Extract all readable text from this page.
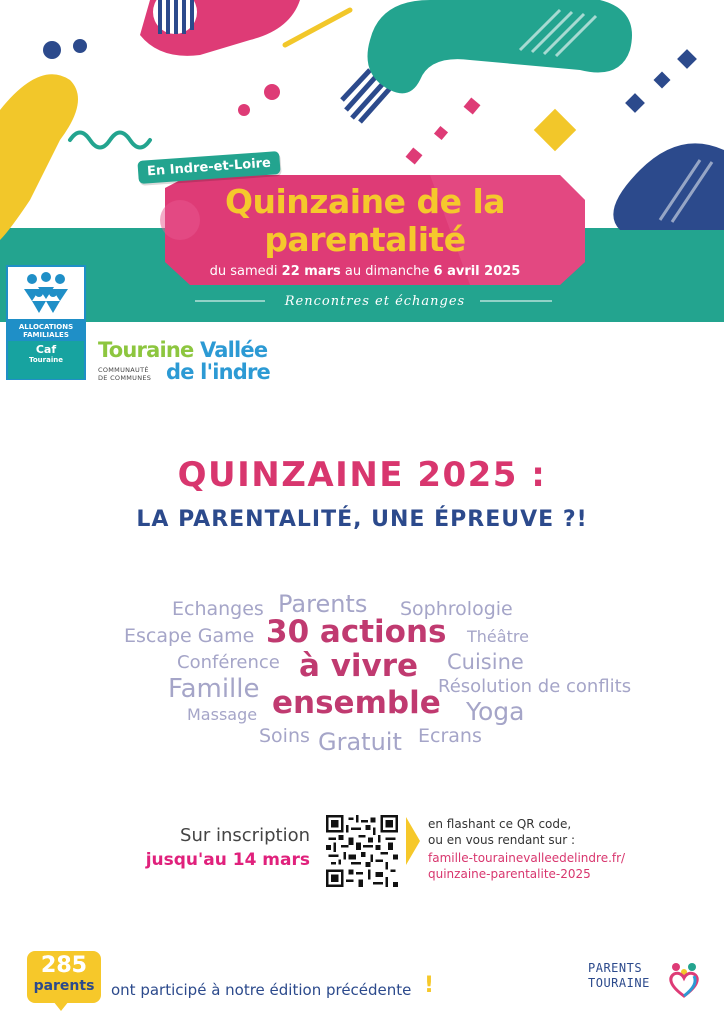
En Indre-et-Loire
Quinzaine de la
parentalité
du samedi 22 mars au dimanche 6 avril 2025
Rencontres et échanges
ALLOCATIONS
FAMILIALES
Caf
Touraine	Touraine Vallée
COMMUNAUTÉ
DE COMMUNES de l'indre
QUINZAINE 2025 :
LA PARENTALITÉ, UNE ÉPREUVE ?!
Echanges Parents Sophrologie
Escape Game	Théâtre
Conférence	Cuisine
Famille	Résolution de conflits
Massage	Yoga
Soins Gratuit Ecrans
30 actions
à vivre
ensemble
Sur inscription
jusqu'au 14 mars
en flashant ce QR code,
ou en vous rendant sur :
famille-tourainevalleedelindre.fr/
quinzaine-parentalite-2025
285
parents	ont participé à notre édition précédente !
PARENTS
TOURAINE
